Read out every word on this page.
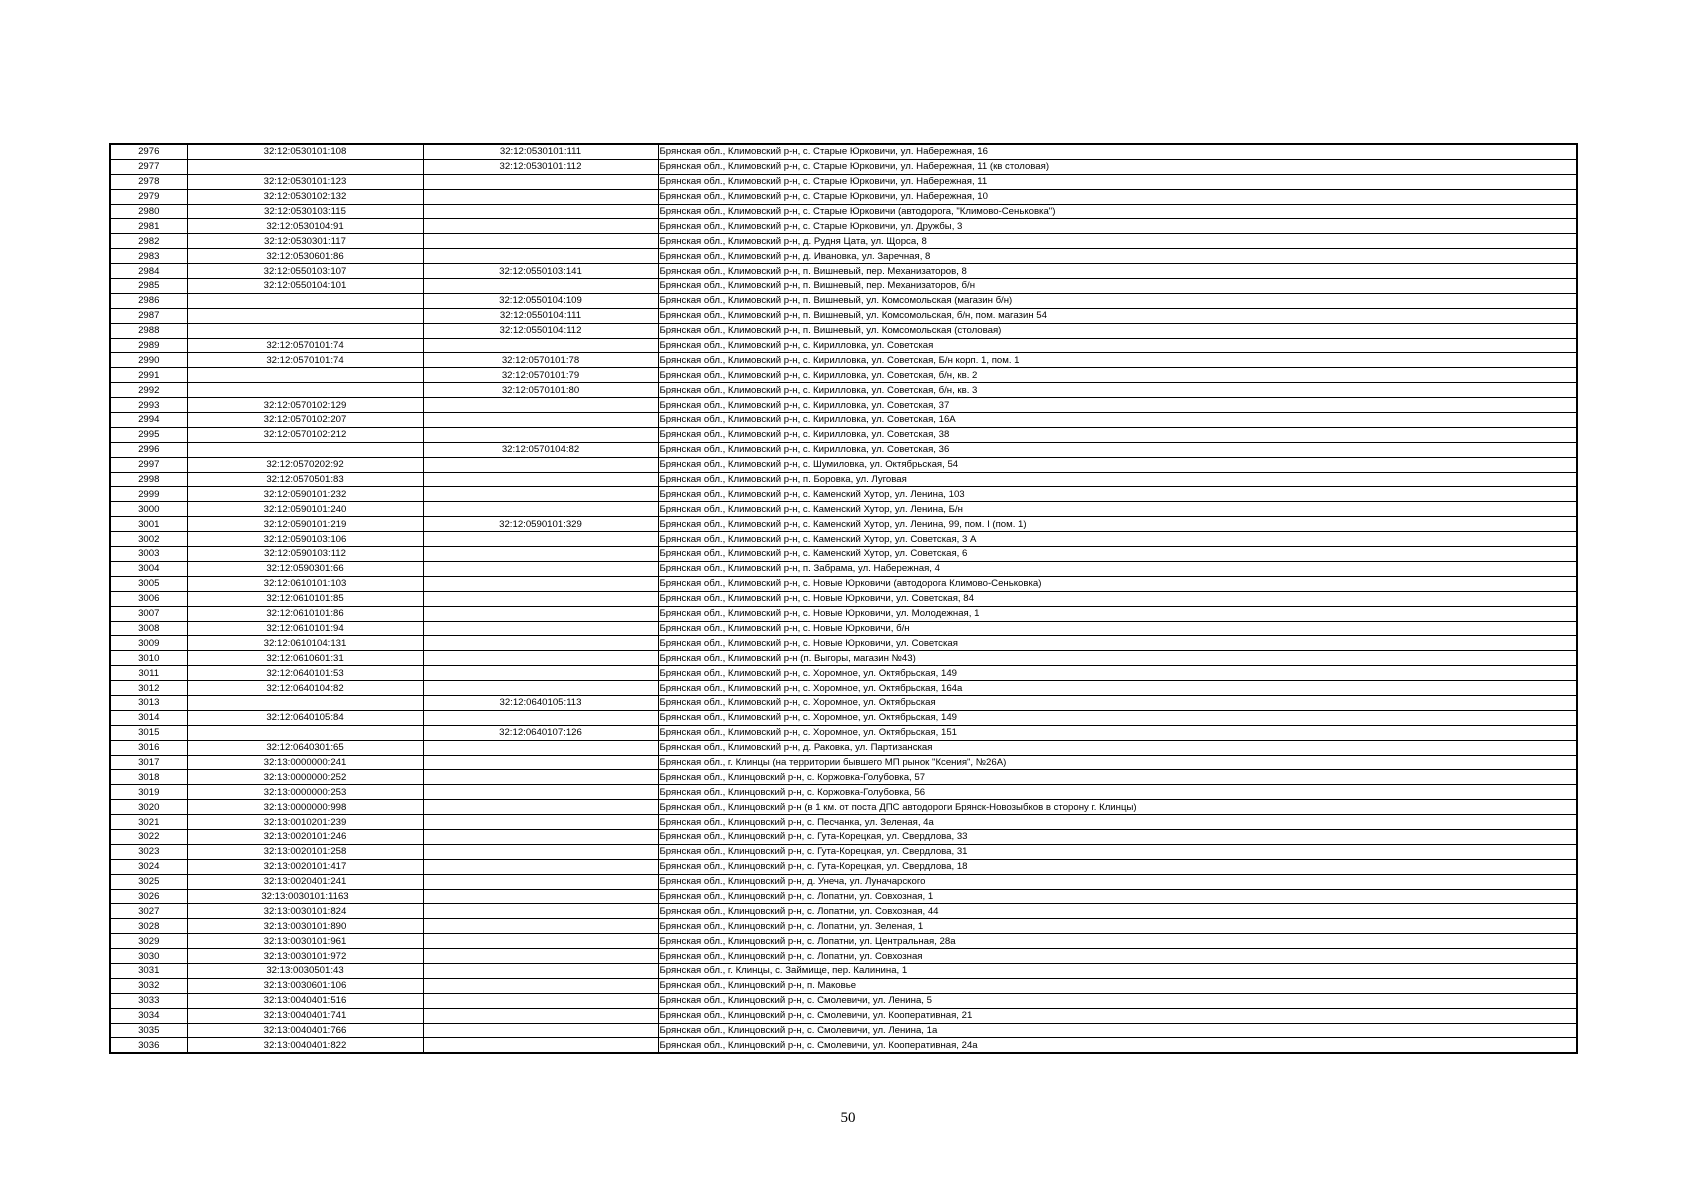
2976	32:12:0530101:108	32:12:0530101:111	Брянская обл., Климовский р-н, с. Старые Юрковичи, ул. Набережная, 16
2977		32:12:0530101:112	Брянская обл., Климовский р-н, с. Старые Юрковичи, ул. Набережная, 11 (кв столовая)
2978	32:12:0530101:123		Брянская обл., Климовский р-н, с. Старые Юрковичи, ул. Набережная, 11
2979	32:12:0530102:132		Брянская обл., Климовский р-н, с. Старые Юрковичи, ул. Набережная, 10
2980	32:12:0530103:115		Брянская обл., Климовский р-н, с. Старые Юрковичи (автодорога, "Климово-Сеньковка")
2981	32:12:0530104:91		Брянская обл., Климовский р-н, с. Старые Юрковичи, ул. Дружбы, 3
2982	32:12:0530301:117		Брянская обл., Климовский р-н, д. Рудня Цата, ул. Щорса, 8
2983	32:12:0530601:86		Брянская обл., Климовский р-н, д. Ивановка, ул. Заречная, 8
2984	32:12:0550103:107	32:12:0550103:141	Брянская обл., Климовский р-н, п. Вишневый, пер. Механизаторов, 8
2985	32:12:0550104:101		Брянская обл., Климовский р-н, п. Вишневый, пер. Механизаторов, б/н
2986		32:12:0550104:109	Брянская обл., Климовский р-н, п. Вишневый, ул. Комсомольская (магазин б/н)
2987		32:12:0550104:111	Брянская обл., Климовский р-н, п. Вишневый, ул. Комсомольская, б/н, пом. магазин 54
2988		32:12:0550104:112	Брянская обл., Климовский р-н, п. Вишневый, ул. Комсомольская (столовая)
2989	32:12:0570101:74		Брянская обл., Климовский р-н, с. Кирилловка, ул. Советская
2990	32:12:0570101:74	32:12:0570101:78	Брянская обл., Климовский р-н, с. Кирилловка, ул. Советская, Б/н корп. 1, пом. 1
2991		32:12:0570101:79	Брянская обл., Климовский р-н, с. Кирилловка, ул. Советская, б/н, кв. 2
2992		32:12:0570101:80	Брянская обл., Климовский р-н, с. Кирилловка, ул. Советская, б/н, кв. 3
2993	32:12:0570102:129		Брянская обл., Климовский р-н, с. Кирилловка, ул. Советская, 37
2994	32:12:0570102:207		Брянская обл., Климовский р-н, с. Кирилловка, ул. Советская, 16А
2995	32:12:0570102:212		Брянская обл., Климовский р-н, с. Кирилловка, ул. Советская, 38
2996		32:12:0570104:82	Брянская обл., Климовский р-н, с. Кирилловка, ул. Советская, 36
2997	32:12:0570202:92		Брянская обл., Климовский р-н, с. Шумиловка, ул. Октябрьская, 54
2998	32:12:0570501:83		Брянская обл., Климовский р-н, п. Боровка, ул. Луговая
2999	32:12:0590101:232		Брянская обл., Климовский р-н, с. Каменский Хутор, ул. Ленина, 103
3000	32:12:0590101:240		Брянская обл., Климовский р-н, с. Каменский Хутор, ул. Ленина, Б/н
3001	32:12:0590101:219	32:12:0590101:329	Брянская обл., Климовский р-н, с. Каменский Хутор, ул. Ленина, 99, пом. I (пом. 1)
3002	32:12:0590103:106		Брянская обл., Климовский р-н, с. Каменский Хутор, ул. Советская, 3 А
3003	32:12:0590103:112		Брянская обл., Климовский р-н, с. Каменский Хутор, ул. Советская, 6
3004	32:12:0590301:66		Брянская обл., Климовский р-н, п. Забрама, ул. Набережная, 4
3005	32:12:0610101:103		Брянская обл., Климовский р-н, с. Новые Юрковичи (автодорога Климово-Сеньковка)
3006	32:12:0610101:85		Брянская обл., Климовский р-н, с. Новые Юрковичи, ул. Советская, 84
3007	32:12:0610101:86		Брянская обл., Климовский р-н, с. Новые Юрковичи, ул. Молодежная, 1
3008	32:12:0610101:94		Брянская обл., Климовский р-н, с. Новые Юрковичи, б/н
3009	32:12:0610104:131		Брянская обл., Климовский р-н, с. Новые Юрковичи, ул. Советская
3010	32:12:0610601:31		Брянская обл., Климовский р-н (п. Выгоры, магазин №43)
3011	32:12:0640101:53		Брянская обл., Климовский р-н, с. Хоромное, ул. Октябрьская, 149
3012	32:12:0640104:82		Брянская обл., Климовский р-н, с. Хоромное, ул. Октябрьская, 164а
3013		32:12:0640105:113	Брянская обл., Климовский р-н, с. Хоромное, ул. Октябрьская
3014	32:12:0640105:84		Брянская обл., Климовский р-н, с. Хоромное, ул. Октябрьская, 149
3015		32:12:0640107:126	Брянская обл., Климовский р-н, с. Хоромное, ул. Октябрьская, 151
3016	32:12:0640301:65		Брянская обл., Климовский р-н, д. Раковка, ул. Партизанская
3017	32:13:0000000:241		Брянская обл., г. Клинцы (на территории бывшего МП рынок "Ксения", №26А)
3018	32:13:0000000:252		Брянская обл., Клинцовский р-н, с. Коржовка-Голубовка, 57
3019	32:13:0000000:253		Брянская обл., Клинцовский р-н, с. Коржовка-Голубовка, 56
3020	32:13:0000000:998		Брянская обл., Клинцовский р-н (в 1 км. от поста ДПС автодороги Брянск-Новозыбков в сторону г. Клинцы)
3021	32:13:0010201:239		Брянская обл., Клинцовский р-н, с. Песчанка, ул. Зеленая, 4а
3022	32:13:0020101:246		Брянская обл., Клинцовский р-н, с. Гута-Корецкая, ул. Свердлова, 33
3023	32:13:0020101:258		Брянская обл., Клинцовский р-н, с. Гута-Корецкая, ул. Свердлова, 31
3024	32:13:0020101:417		Брянская обл., Клинцовский р-н, с. Гута-Корецкая, ул. Свердлова, 18
3025	32:13:0020401:241		Брянская обл., Клинцовский р-н, д. Унеча, ул. Луначарского
3026	32:13:0030101:1163		Брянская обл., Клинцовский р-н, с. Лопатни, ул. Совхозная, 1
3027	32:13:0030101:824		Брянская обл., Клинцовский р-н, с. Лопатни, ул. Совхозная, 44
3028	32:13:0030101:890		Брянская обл., Клинцовский р-н, с. Лопатни, ул. Зеленая, 1
3029	32:13:0030101:961		Брянская обл., Клинцовский р-н, с. Лопатни, ул. Центральная, 28а
3030	32:13:0030101:972		Брянская обл., Клинцовский р-н, с. Лопатни, ул. Совхозная
3031	32:13:0030501:43		Брянская обл., г. Клинцы, с. Займище, пер. Калинина, 1
3032	32:13:0030601:106		Брянская обл., Клинцовский р-н, п. Маковье
3033	32:13:0040401:516		Брянская обл., Клинцовский р-н, с. Смолевичи, ул. Ленина, 5
3034	32:13:0040401:741		Брянская обл., Клинцовский р-н, с. Смолевичи, ул. Кооперативная, 21
3035	32:13:0040401:766		Брянская обл., Клинцовский р-н, с. Смолевичи, ул. Ленина, 1а
3036	32:13:0040401:822		Брянская обл., Клинцовский р-н, с. Смолевичи, ул. Кооперативная, 24а
50
